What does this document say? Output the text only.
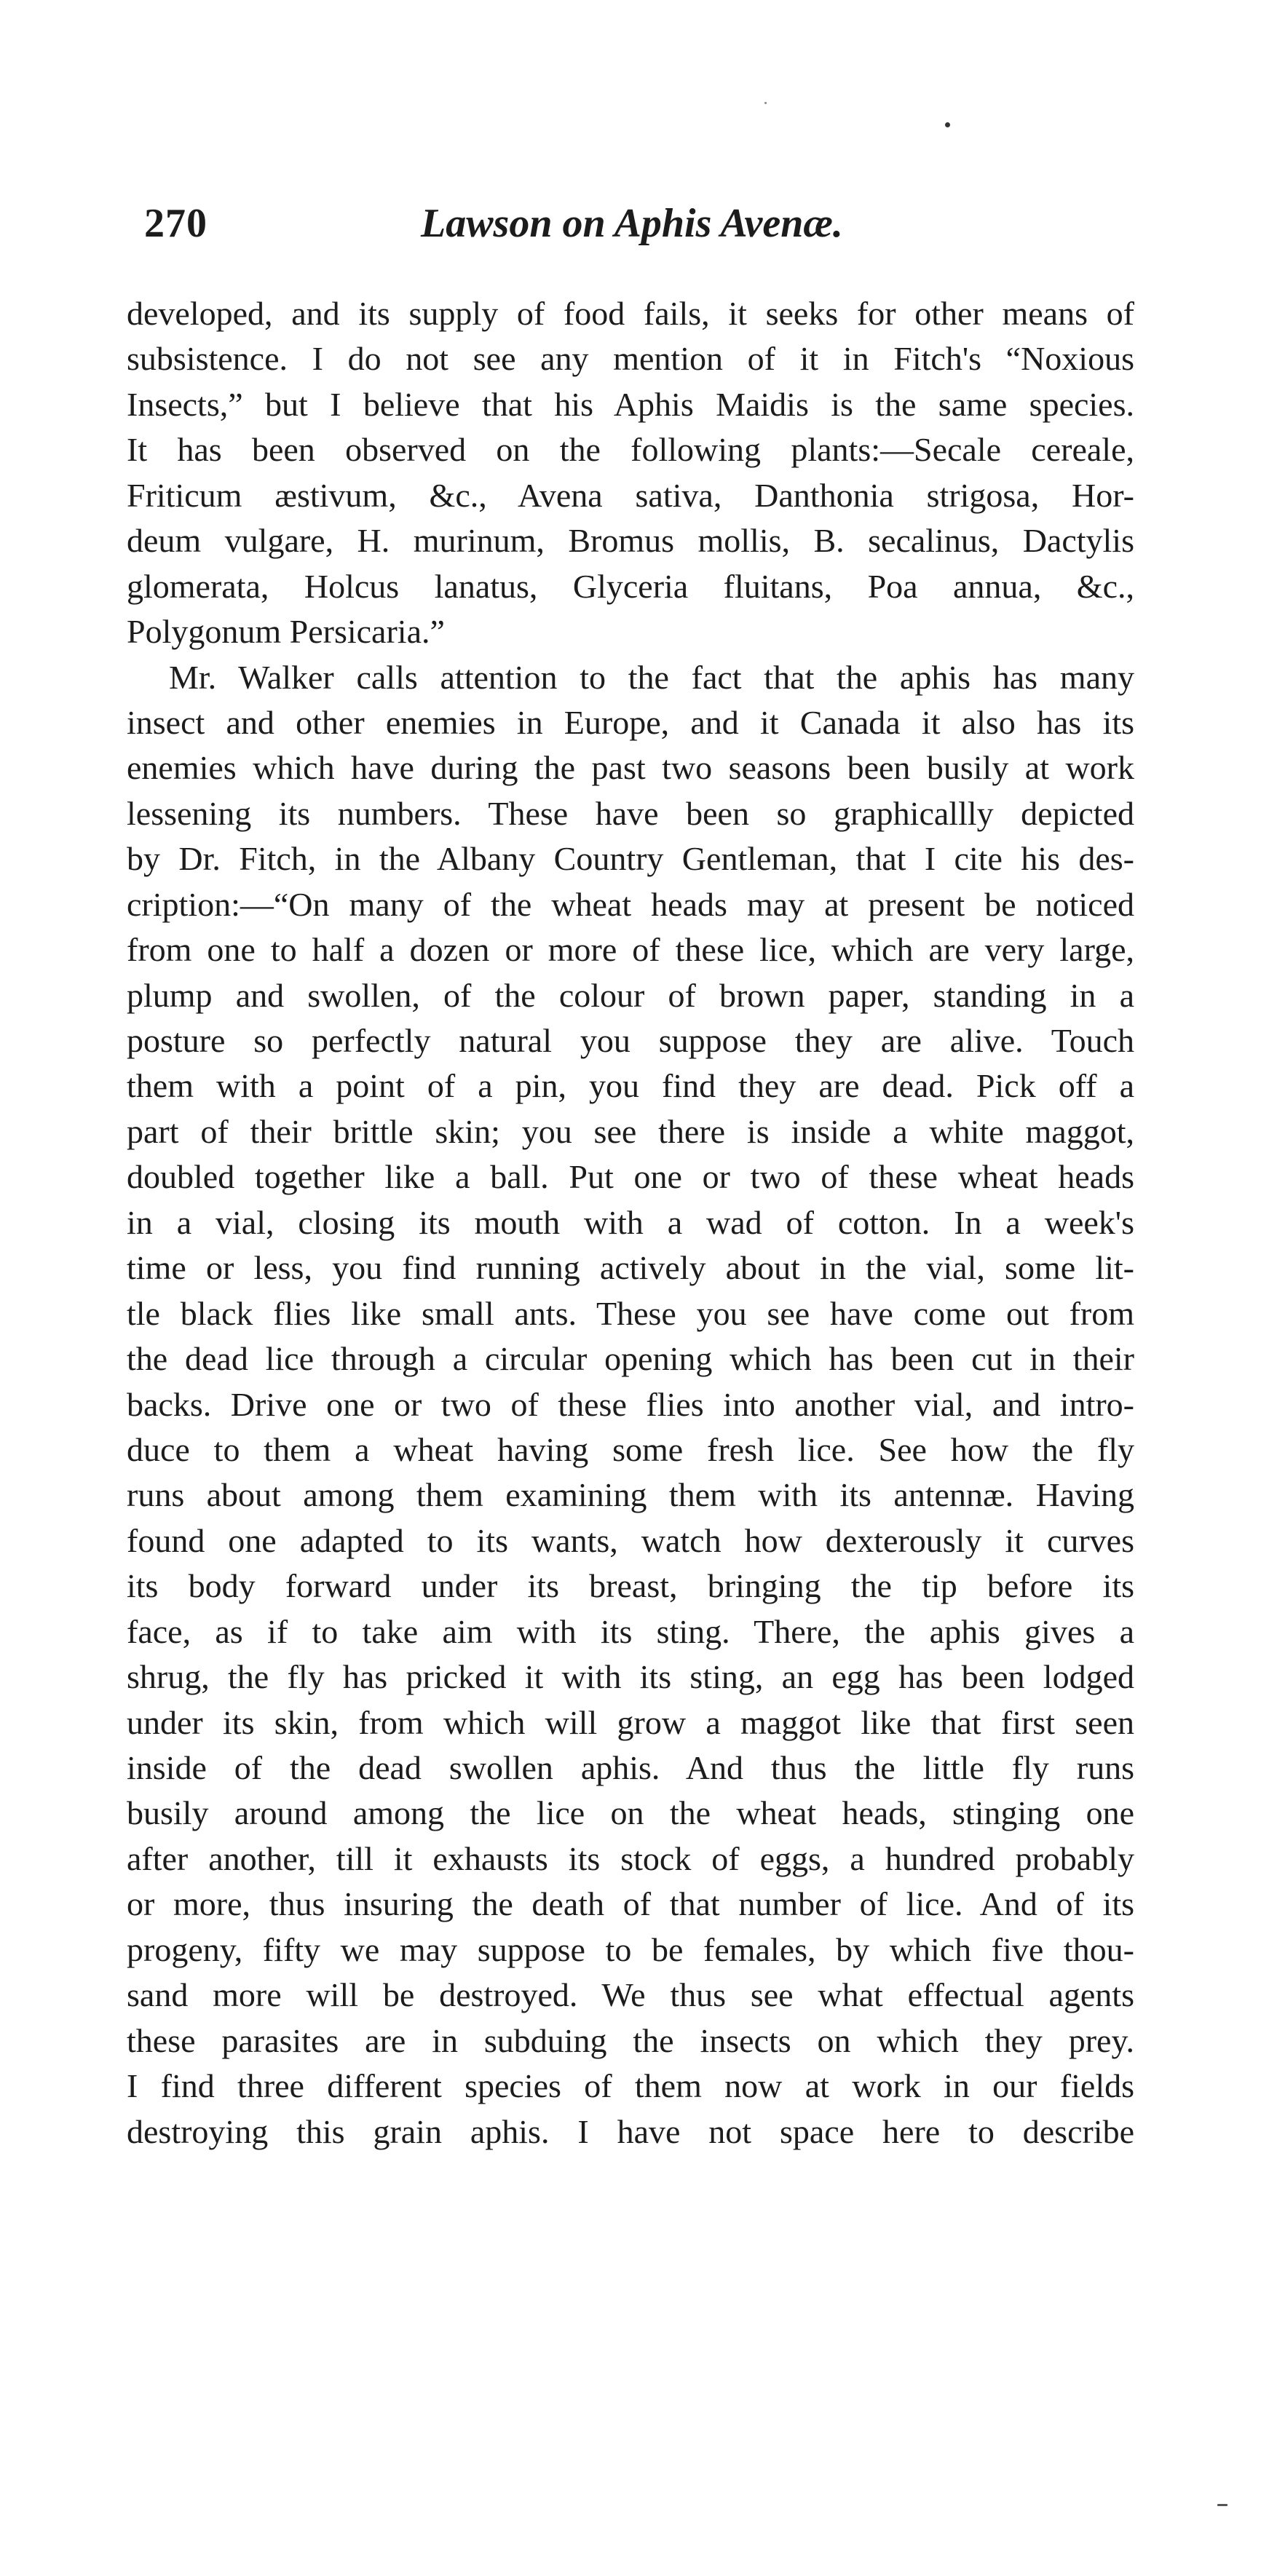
270	Lawson on Aphis Avenæ.
developed, and its supply of food fails, it seeks for other means of
subsistence. I do not see any mention of it in Fitch's “Noxious
Insects,” but I believe that his Aphis Maidis is the same species.
It has been observed on the following plants:—Secale cereale,
Friticum æstivum, &c., Avena sativa, Danthonia strigosa, Hor-
deum vulgare, H. murinum, Bromus mollis, B. secalinus, Dactylis
glomerata, Holcus lanatus, Glyceria fluitans, Poa annua, &c.,
Polygonum Persicaria.”
Mr. Walker calls attention to the fact that the aphis has many
insect and other enemies in Europe, and it Canada it also has its
enemies which have during the past two seasons been busily at work
lessening its numbers. These have been so graphicallly depicted
by Dr. Fitch, in the Albany Country Gentleman, that I cite his des-
cription:—“On many of the wheat heads may at present be noticed
from one to half a dozen or more of these lice, which are very large,
plump and swollen, of the colour of brown paper, standing in a
posture so perfectly natural you suppose they are alive. Touch
them with a point of a pin, you find they are dead. Pick off a
part of their brittle skin; you see there is inside a white maggot,
doubled together like a ball. Put one or two of these wheat heads
in a vial, closing its mouth with a wad of cotton. In a week's
time or less, you find running actively about in the vial, some lit-
tle black flies like small ants. These you see have come out from
the dead lice through a circular opening which has been cut in their
backs. Drive one or two of these flies into another vial, and intro-
duce to them a wheat having some fresh lice. See how the fly
runs about among them examining them with its antennæ. Having
found one adapted to its wants, watch how dexterously it curves
its body forward under its breast, bringing the tip before its
face, as if to take aim with its sting. There, the aphis gives a
shrug, the fly has pricked it with its sting, an egg has been lodged
under its skin, from which will grow a maggot like that first seen
inside of the dead swollen aphis. And thus the little fly runs
busily around among the lice on the wheat heads, stinging one
after another, till it exhausts its stock of eggs, a hundred probably
or more, thus insuring the death of that number of lice. And of its
progeny, fifty we may suppose to be females, by which five thou-
sand more will be destroyed. We thus see what effectual agents
these parasites are in subduing the insects on which they prey.
I find three different species of them now at work in our fields
destroying this grain aphis. I have not space here to describe
